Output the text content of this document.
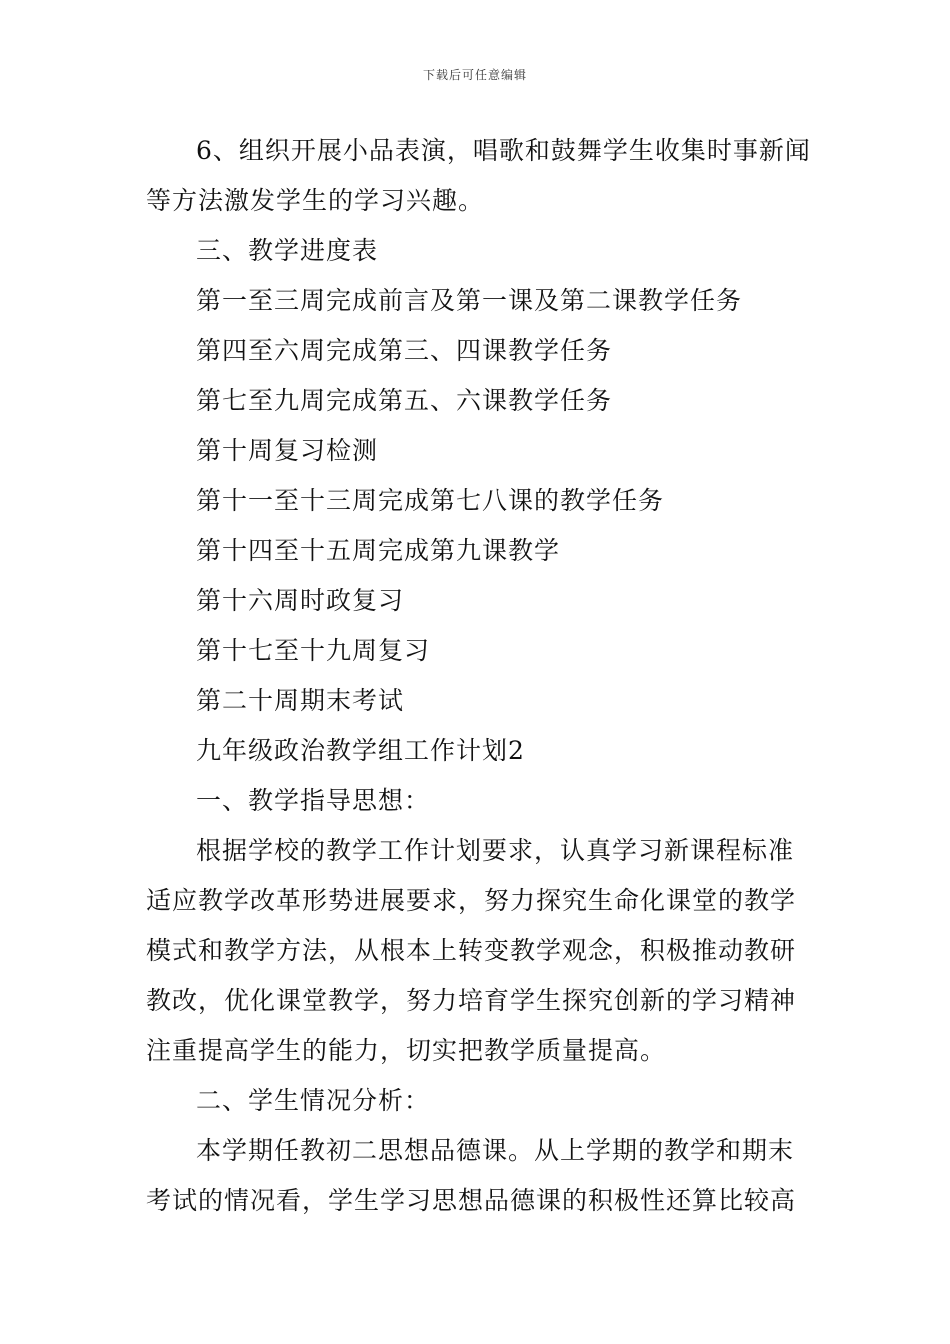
下载后可任意编辑
6、组织开展小品表演，唱歌和鼓舞学生收集时事新闻
等方法激发学生的学习兴趣。
三、教学进度表
第一至三周完成前言及第一课及第二课教学任务
第四至六周完成第三、四课教学任务
第七至九周完成第五、六课教学任务
第十周复习检测
第十一至十三周完成第七八课的教学任务
第十四至十五周完成第九课教学
第十六周时政复习
第十七至十九周复习
第二十周期末考试
九年级政治教学组工作计划2
一、教学指导思想：
根据学校的教学工作计划要求，认真学习新课程标准
适应教学改革形势进展要求，努力探究生命化课堂的教学
模式和教学方法，从根本上转变教学观念，积极推动教研
教改，优化课堂教学，努力培育学生探究创新的学习精神
注重提高学生的能力，切实把教学质量提高。
二、学生情况分析：
本学期任教初二思想品德课。从上学期的教学和期末
考试的情况看，学生学习思想品德课的积极性还算比较高
